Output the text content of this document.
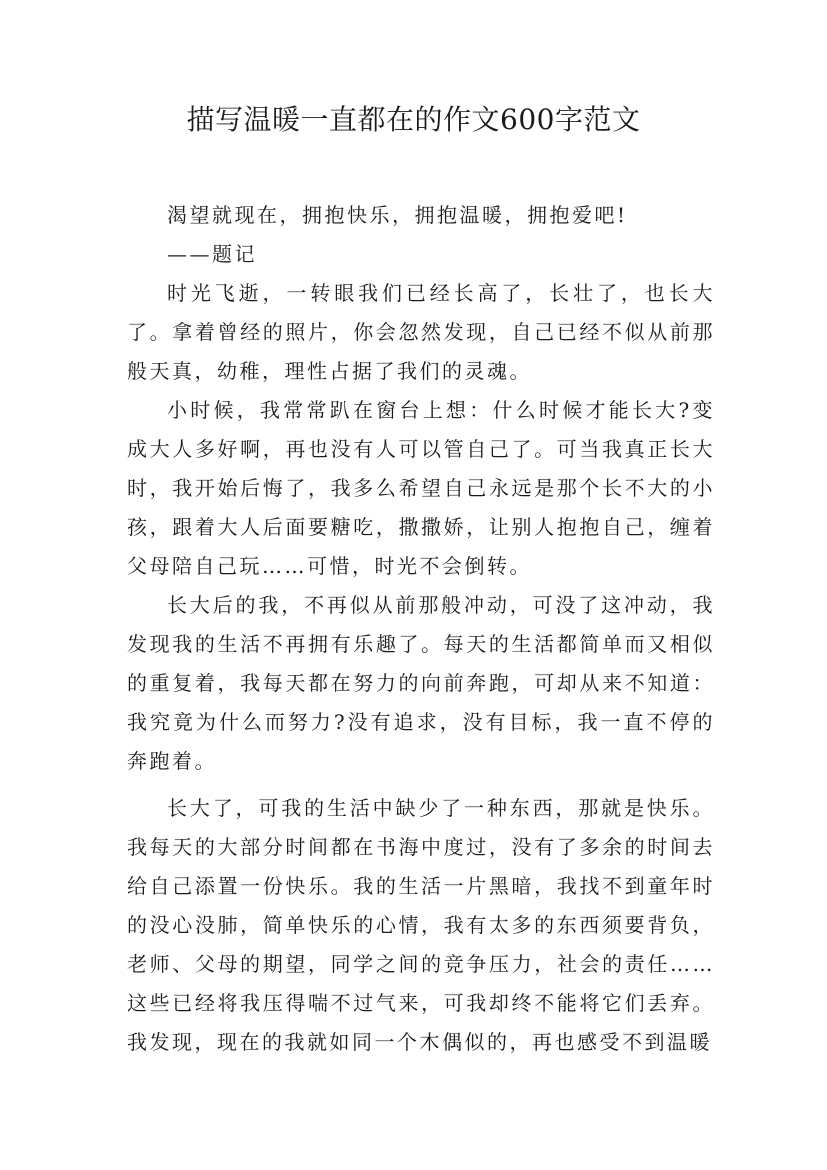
描写温暖一直都在的作文600字范文

渴望就现在，拥抱快乐，拥抱温暖，拥抱爱吧!

——题记

时光飞逝，一转眼我们已经长高了，长壮了，也长大了。拿着曾经的照片，你会忽然发现，自己已经不似从前那般天真，幼稚，理性占据了我们的灵魂。

小时候，我常常趴在窗台上想：什么时候才能长大?变成大人多好啊，再也没有人可以管自己了。可当我真正长大时，我开始后悔了，我多么希望自己永远是那个长不大的小孩，跟着大人后面要糖吃，撒撒娇，让别人抱抱自己，缠着父母陪自己玩……可惜，时光不会倒转。

长大后的我，不再似从前那般冲动，可没了这冲动，我发现我的生活不再拥有乐趣了。每天的生活都简单而又相似的重复着，我每天都在努力的向前奔跑，可却从来不知道：我究竟为什么而努力?没有追求，没有目标，我一直不停的奔跑着。

长大了，可我的生活中缺少了一种东西，那就是快乐。我每天的大部分时间都在书海中度过，没有了多余的时间去给自己添置一份快乐。我的生活一片黑暗，我找不到童年时的没心没肺，简单快乐的心情，我有太多的东西须要背负，老师、父母的期望，同学之间的竞争压力，社会的责任……这些已经将我压得喘不过气来，可我却终不能将它们丢弃。我发现，现在的我就如同一个木偶似的，再也感受不到温暖
